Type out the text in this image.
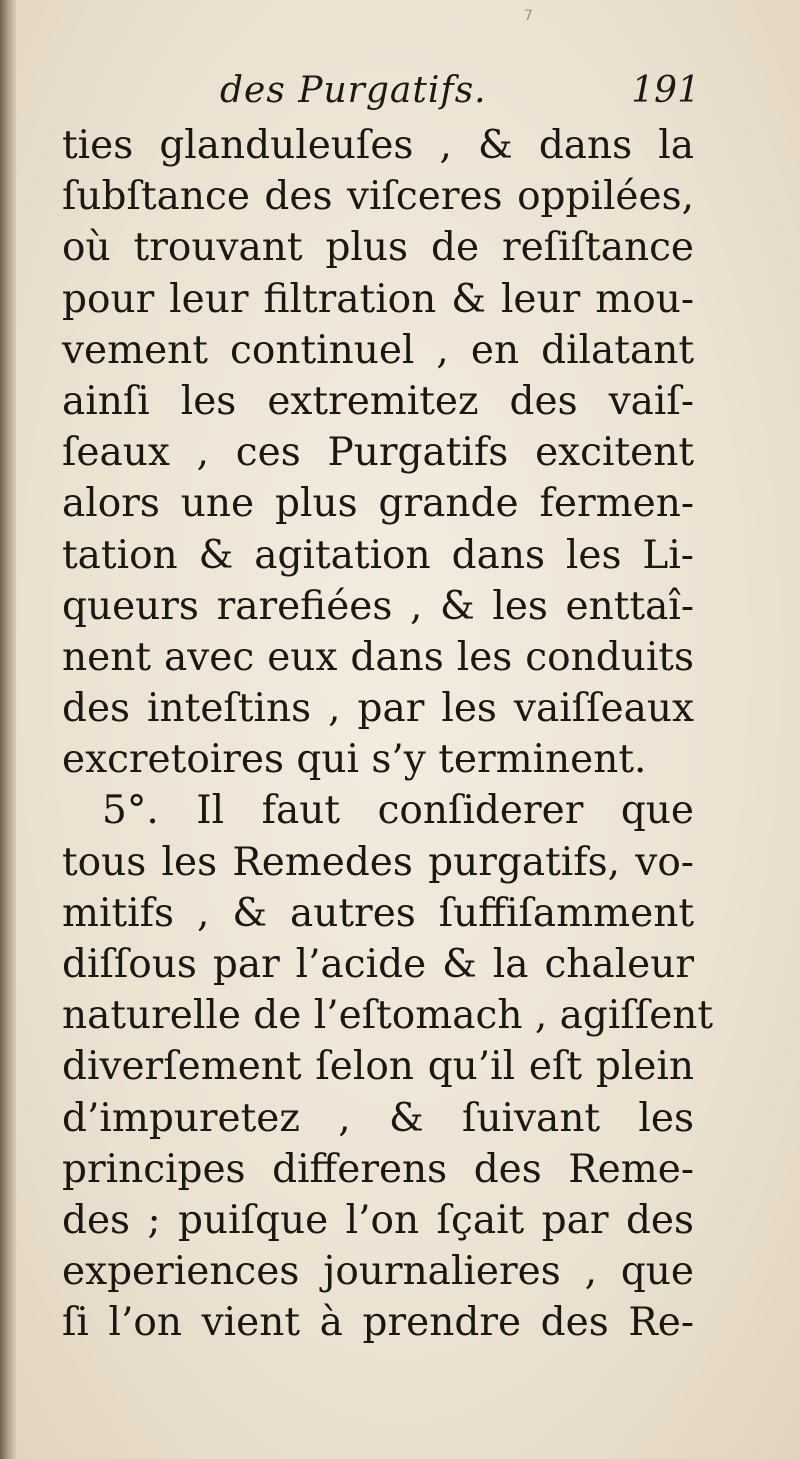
7
des Purgatifs.	191
ties glanduleuſes , & dans la
ſubſtance des viſceres oppilées,
où trouvant plus de reſiſtance
pour leur filtration & leur mou-
vement continuel , en dilatant
ainſi les extremitez des vaiſ-
ſeaux , ces Purgatifs excitent
alors une plus grande fermen-
tation & agitation dans les Li-
queurs rarefiées , & les enttaî-
nent avec eux dans les conduits
des inteſtins , par les vaiſſeaux
excretoires qui s’y terminent.
5°. Il faut conſiderer que
tous les Remedes purgatifs, vo-
mitifs , & autres ſuffiſamment
diſſous par l’acide & la chaleur
naturelle de l’eſtomach , agiſſent
diverſement ſelon qu’il eſt plein
d’impuretez , & ſuivant les
principes differens des Reme-
des ; puiſque l’on ſçait par des
experiences journalieres , que
ſi l’on vient à prendre des Re-
